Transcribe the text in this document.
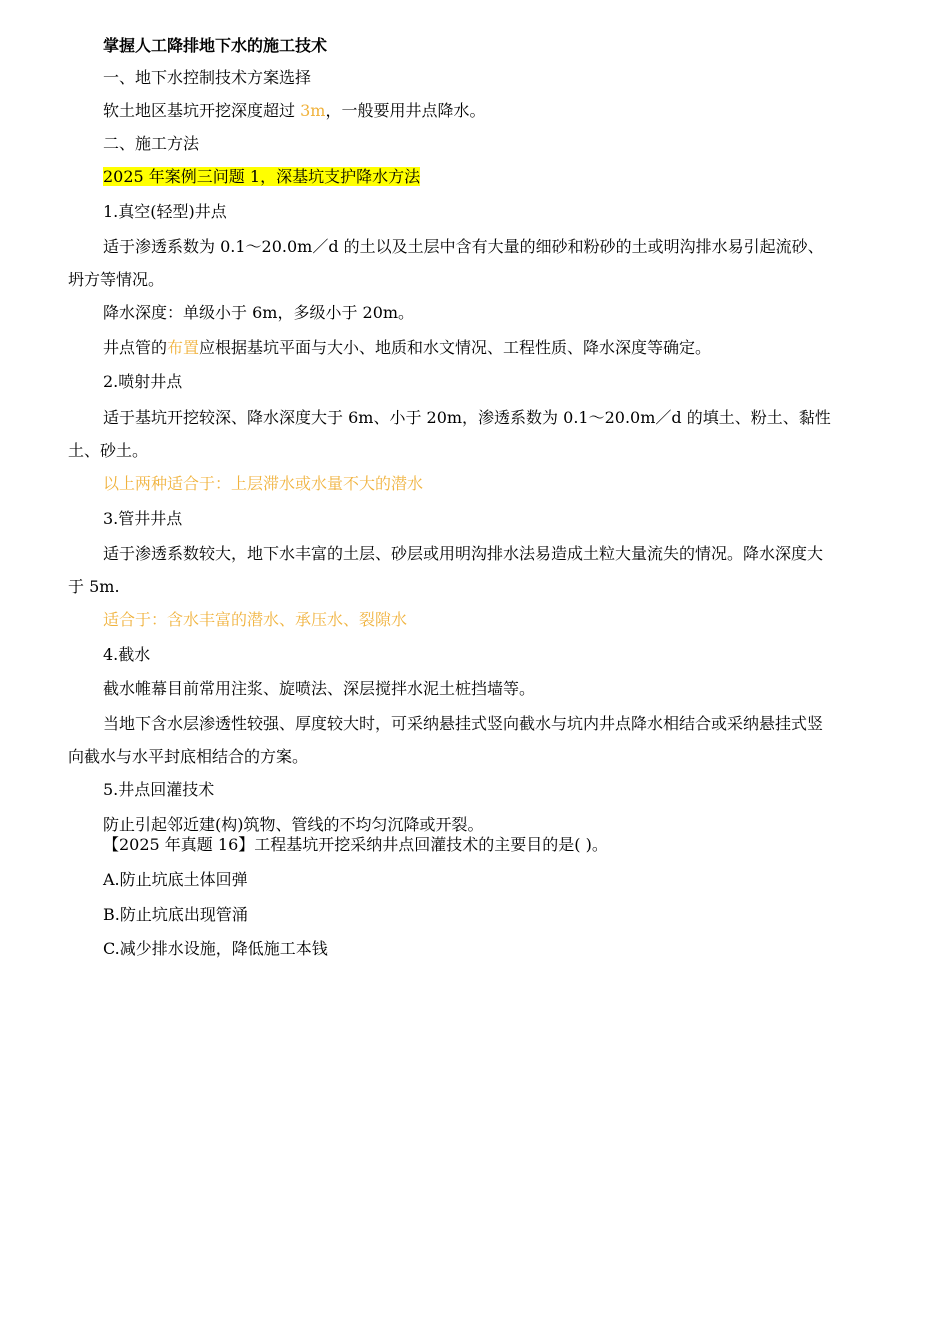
掌握人工降排地下水的施工技术
一、地下水控制技术方案选择
软土地区基坑开挖深度超过 3m，一般要用井点降水。
二、施工方法
2025 年案例三问题 1，深基坑支护降水方法
1.真空(轻型)井点
适于渗透系数为 0.1～20.0m／d 的土以及土层中含有大量的细砂和粉砂的土或明沟排水易引起流砂、坍方等情况。
降水深度：单级小于 6m，多级小于 20m。
井点管的布置应根据基坑平面与大小、地质和水文情况、工程性质、降水深度等确定。
2.喷射井点
适于基坑开挖较深、降水深度大于 6m、小于 20m，渗透系数为 0.1～20.0m／d 的填土、粉土、黏性土、砂土。
以上两种适合于：上层滞水或水量不大的潜水
3.管井井点
适于渗透系数较大，地下水丰富的土层、砂层或用明沟排水法易造成土粒大量流失的情况。降水深度大于 5m.
适合于：含水丰富的潜水、承压水、裂隙水
4.截水
截水帷幕目前常用注浆、旋喷法、深层搅拌水泥土桩挡墙等。
当地下含水层渗透性较强、厚度较大时，可采纳悬挂式竖向截水与坑内井点降水相结合或采纳悬挂式竖向截水与水平封底相结合的方案。
5.井点回灌技术
防止引起邻近建(构)筑物、管线的不均匀沉降或开裂。
【2025 年真题 16】工程基坑开挖采纳井点回灌技术的主要目的是( )。
A.防止坑底土体回弹
B.防止坑底出现管涌
C.减少排水设施，降低施工本钱
